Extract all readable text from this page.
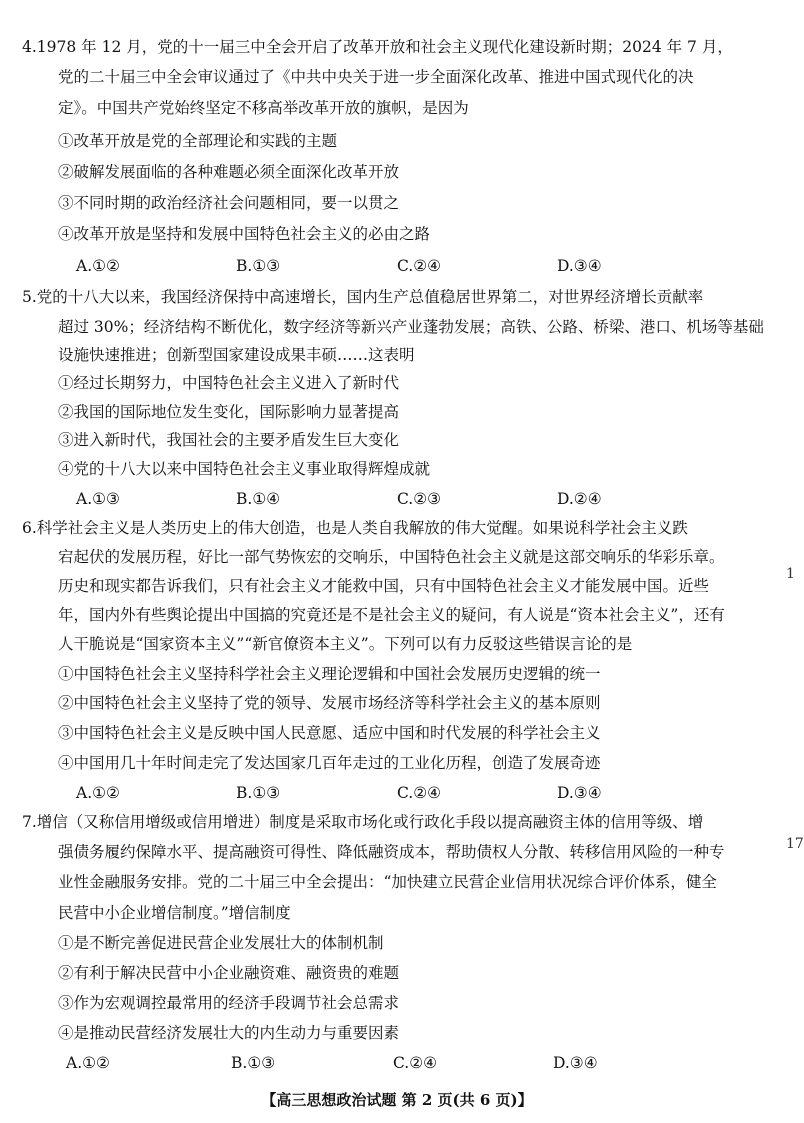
4.1978 年 12 月，党的十一届三中全会开启了改革开放和社会主义现代化建设新时期；2024 年 7 月，
党的二十届三中全会审议通过了《中共中央关于进一步全面深化改革、推进中国式现代化的决
定》。中国共产党始终坚定不移高举改革开放的旗帜，是因为
①改革开放是党的全部理论和实践的主题
②破解发展面临的各种难题必须全面深化改革开放
③不同时期的政治经济社会问题相同，要一以贯之
④改革开放是坚持和发展中国特色社会主义的必由之路
A.①②	B.①③	C.②④	D.③④
5.党的十八大以来，我国经济保持中高速增长，国内生产总值稳居世界第二，对世界经济增长贡献率
超过 30%；经济结构不断优化，数字经济等新兴产业蓬勃发展；高铁、公路、桥梁、港口、机场等基础
设施快速推进；创新型国家建设成果丰硕……这表明
①经过长期努力，中国特色社会主义进入了新时代
②我国的国际地位发生变化，国际影响力显著提高
③进入新时代，我国社会的主要矛盾发生巨大变化
④党的十八大以来中国特色社会主义事业取得辉煌成就
A.①③	B.①④	C.②③	D.②④
6.科学社会主义是人类历史上的伟大创造，也是人类自我解放的伟大觉醒。如果说科学社会主义跌
宕起伏的发展历程，好比一部气势恢宏的交响乐，中国特色社会主义就是这部交响乐的华彩乐章。
历史和现实都告诉我们，只有社会主义才能救中国，只有中国特色社会主义才能发展中国。近些
年，国内外有些舆论提出中国搞的究竟还是不是社会主义的疑问，有人说是“资本社会主义”，还有
人干脆说是“国家资本主义”“新官僚资本主义”。下列可以有力反驳这些错误言论的是
①中国特色社会主义坚持科学社会主义理论逻辑和中国社会发展历史逻辑的统一
②中国特色社会主义坚持了党的领导、发展市场经济等科学社会主义的基本原则
③中国特色社会主义是反映中国人民意愿、适应中国和时代发展的科学社会主义
④中国用几十年时间走完了发达国家几百年走过的工业化历程，创造了发展奇迹
A.①②	B.①③	C.②④	D.③④
7.增信（又称信用增级或信用增进）制度是采取市场化或行政化手段以提高融资主体的信用等级、增
强债务履约保障水平、提高融资可得性、降低融资成本，帮助债权人分散、转移信用风险的一种专
业性金融服务安排。党的二十届三中全会提出：“加快建立民营企业信用状况综合评价体系，健全
民营中小企业增信制度。”增信制度
①是不断完善促进民营企业发展壮大的体制机制
②有利于解决民营中小企业融资难、融资贵的难题
③作为宏观调控最常用的经济手段调节社会总需求
④是推动民营经济发展壮大的内生动力与重要因素
A.①②	B.①③	C.②④	D.③④
1
17
【高三思想政治试题 第 2 页(共 6 页)】
